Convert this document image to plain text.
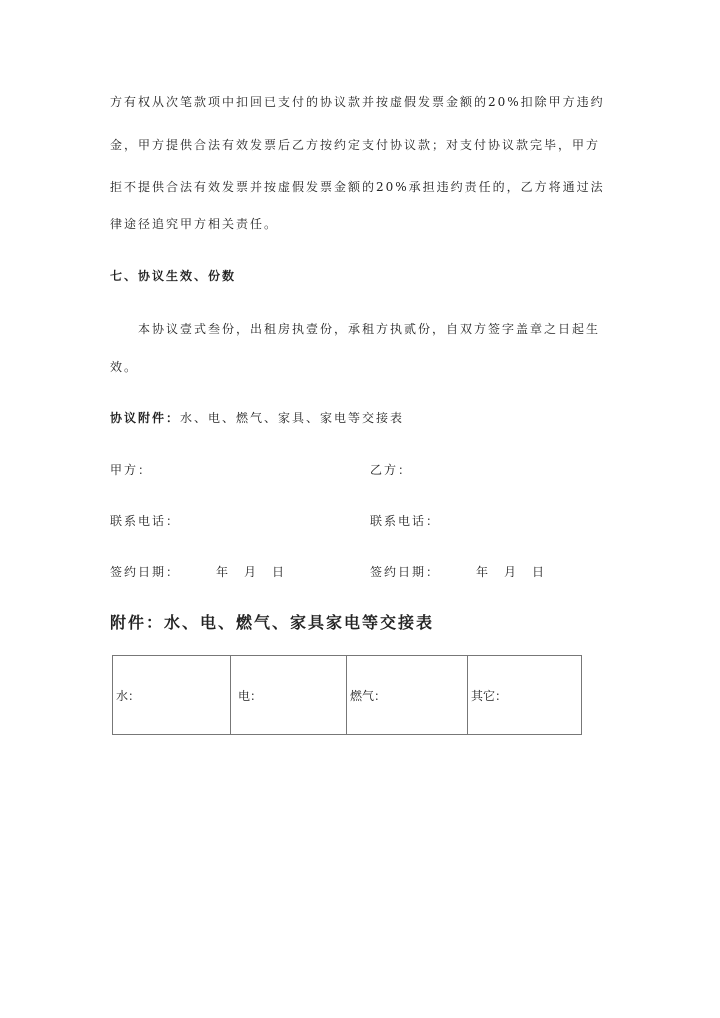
方有权从次笔款项中扣回已支付的协议款并按虚假发票金额的20%扣除甲方违约
金，甲方提供合法有效发票后乙方按约定支付协议款；对支付协议款完毕，甲方
拒不提供合法有效发票并按虚假发票金额的20%承担违约责任的，乙方将通过法
律途径追究甲方相关责任。
七、协议生效、份数
本协议壹式叁份，出租房执壹份，承租方执贰份，自双方签字盖章之日起生
效。
协议附件：水、电、燃气、家具、家电等交接表
甲方：	乙方：
联系电话：	联系电话：
签约日期：　　　年　月　日	签约日期：　　　年　月　日
附件：水、电、燃气、家具家电等交接表
水：	电：	燃气：	其它：
